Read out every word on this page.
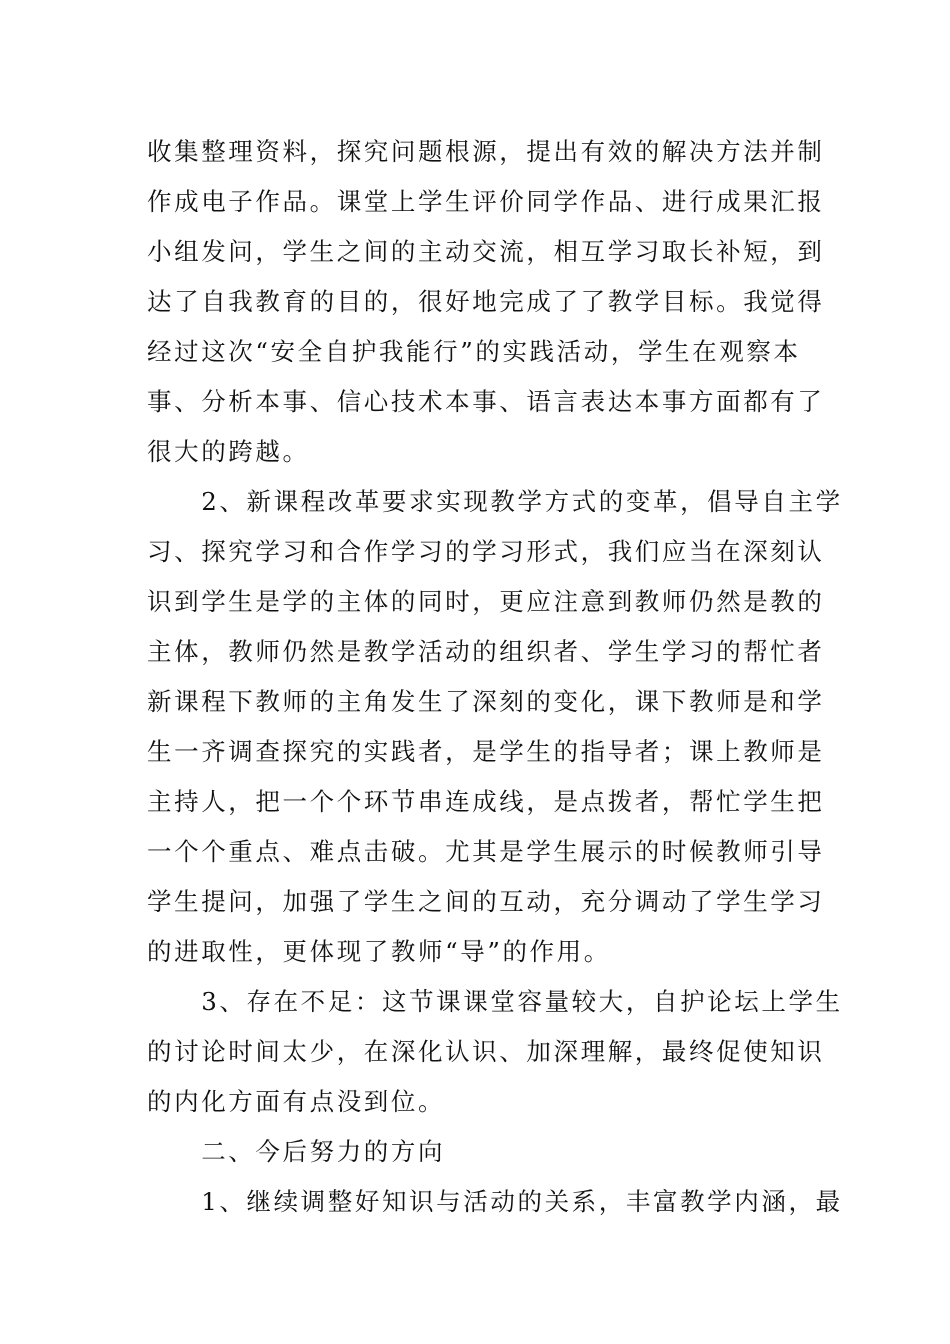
收集整理资料，探究问题根源，提出有效的解决方法并制
作成电子作品。课堂上学生评价同学作品、进行成果汇报
小组发问，学生之间的主动交流，相互学习取长补短，到
达了自我教育的目的，很好地完成了了教学目标。我觉得
经过这次“安全自护我能行”的实践活动，学生在观察本
事、分析本事、信心技术本事、语言表达本事方面都有了
很大的跨越。
　　2、新课程改革要求实现教学方式的变革，倡导自主学
习、探究学习和合作学习的学习形式，我们应当在深刻认
识到学生是学的主体的同时，更应注意到教师仍然是教的
主体，教师仍然是教学活动的组织者、学生学习的帮忙者
新课程下教师的主角发生了深刻的变化，课下教师是和学
生一齐调查探究的实践者，是学生的指导者；课上教师是
主持人，把一个个环节串连成线，是点拨者，帮忙学生把
一个个重点、难点击破。尤其是学生展示的时候教师引导
学生提问，加强了学生之间的互动，充分调动了学生学习
的进取性，更体现了教师“导”的作用。
　　3、存在不足：这节课课堂容量较大，自护论坛上学生
的讨论时间太少，在深化认识、加深理解，最终促使知识
的内化方面有点没到位。
　　二、今后努力的方向
　　1、继续调整好知识与活动的关系，丰富教学内涵，最
